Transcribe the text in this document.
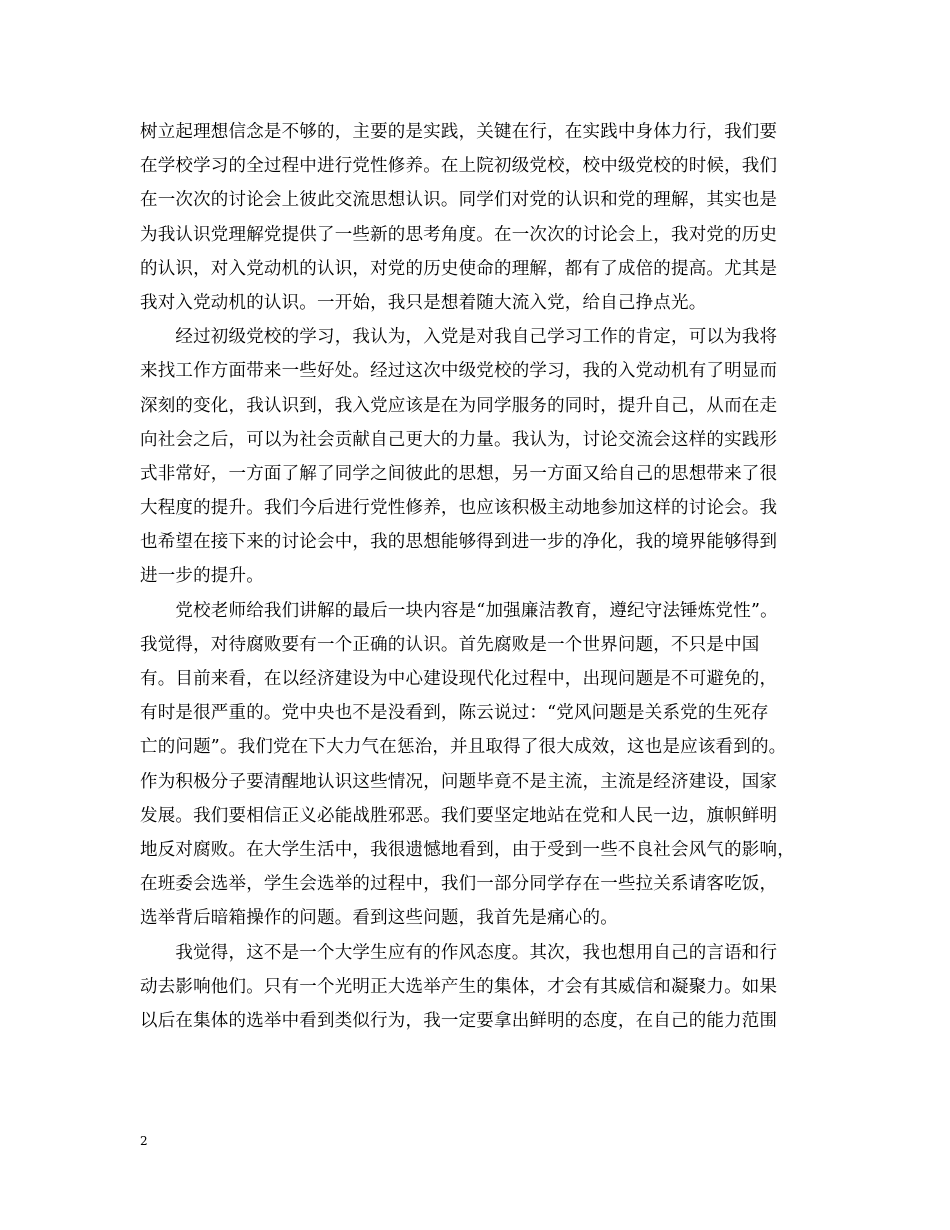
树立起理想信念是不够的，主要的是实践，关键在行，在实践中身体力行，我们要
在学校学习的全过程中进行党性修养。在上院初级党校，校中级党校的时候，我们
在一次次的讨论会上彼此交流思想认识。同学们对党的认识和党的理解，其实也是
为我认识党理解党提供了一些新的思考角度。在一次次的讨论会上，我对党的历史
的认识，对入党动机的认识，对党的历史使命的理解，都有了成倍的提高。尤其是
我对入党动机的认识。一开始，我只是想着随大流入党，给自己挣点光。
　　经过初级党校的学习，我认为，入党是对我自己学习工作的肯定，可以为我将
来找工作方面带来一些好处。经过这次中级党校的学习，我的入党动机有了明显而
深刻的变化，我认识到，我入党应该是在为同学服务的同时，提升自己，从而在走
向社会之后，可以为社会贡献自己更大的力量。我认为，讨论交流会这样的实践形
式非常好，一方面了解了同学之间彼此的思想，另一方面又给自己的思想带来了很
大程度的提升。我们今后进行党性修养，也应该积极主动地参加这样的讨论会。我
也希望在接下来的讨论会中，我的思想能够得到进一步的净化，我的境界能够得到
进一步的提升。
　　党校老师给我们讲解的最后一块内容是“加强廉洁教育，遵纪守法锤炼党性”。
我觉得，对待腐败要有一个正确的认识。首先腐败是一个世界问题，不只是中国
有。目前来看，在以经济建设为中心建设现代化过程中，出现问题是不可避免的，
有时是很严重的。党中央也不是没看到，陈云说过：“党风问题是关系党的生死存
亡的问题”。我们党在下大力气在惩治，并且取得了很大成效，这也是应该看到的。
作为积极分子要清醒地认识这些情况，问题毕竟不是主流，主流是经济建设，国家
发展。我们要相信正义必能战胜邪恶。我们要坚定地站在党和人民一边，旗帜鲜明
地反对腐败。在大学生活中，我很遗憾地看到，由于受到一些不良社会风气的影响，
在班委会选举，学生会选举的过程中，我们一部分同学存在一些拉关系请客吃饭，
选举背后暗箱操作的问题。看到这些问题，我首先是痛心的。
　　我觉得，这不是一个大学生应有的作风态度。其次，我也想用自己的言语和行
动去影响他们。只有一个光明正大选举产生的集体，才会有其威信和凝聚力。如果
以后在集体的选举中看到类似行为，我一定要拿出鲜明的态度，在自己的能力范围
2
